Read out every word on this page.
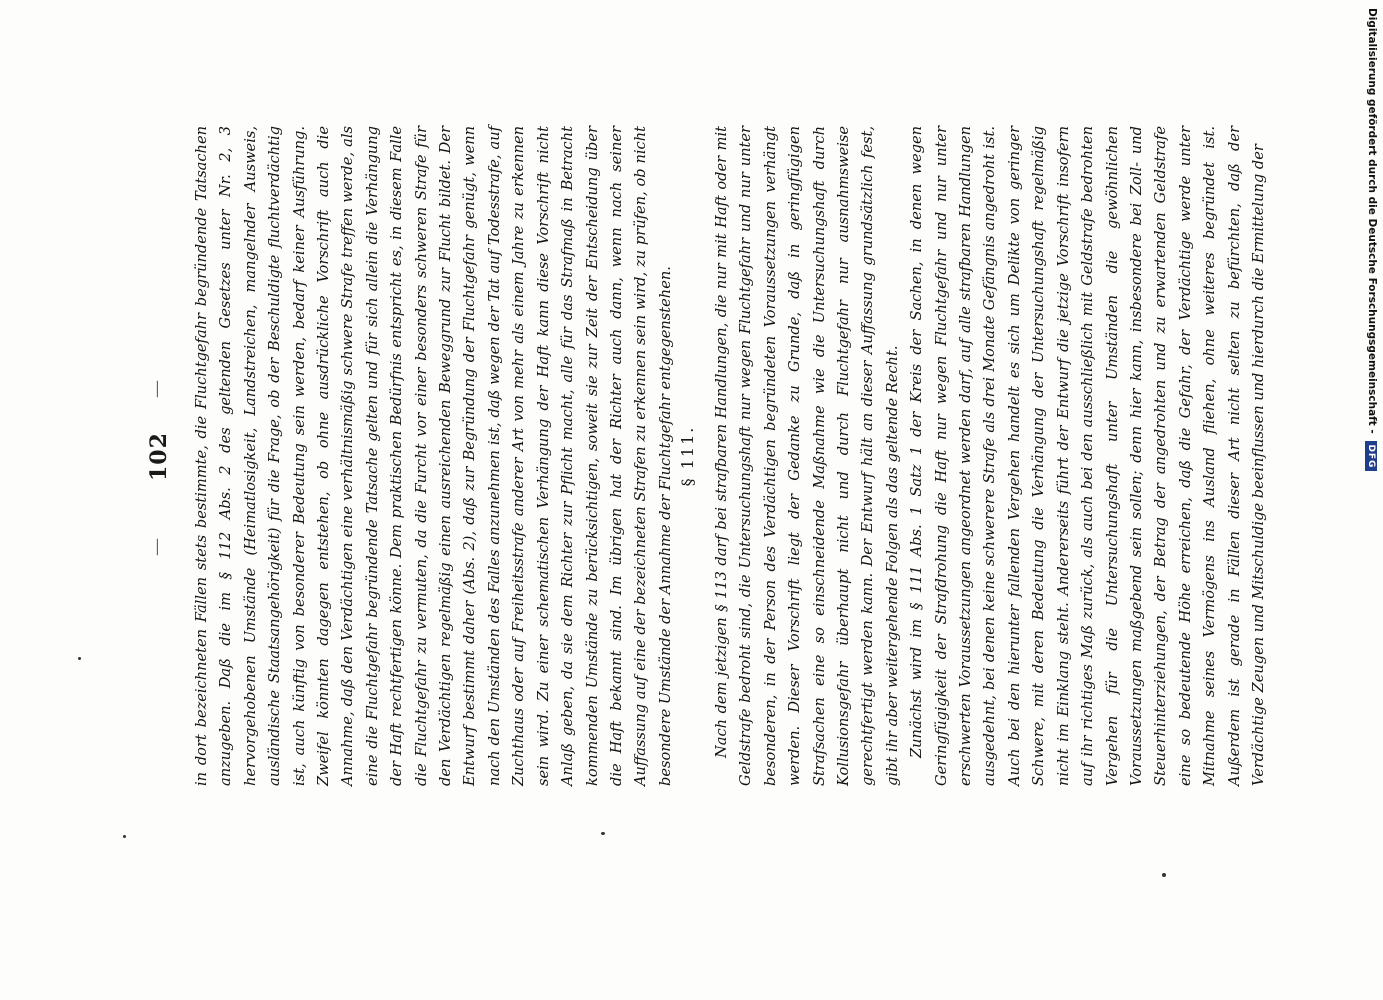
—
102
— in dort bezeichneten Fällen stets bestimmte, die Fluchtgefahr begründende Tatsachen anzugeben. Daß die im § 112 Abs. 2 des geltenden Gesetzes unter Nr. 2, 3 hervorgehobenen Umstände (Heimatlosigkeit, Landstreichen, mangelnder Ausweis, ausländische Staatsangehörigkeit) für die Frage, ob der Beschuldigte fluchtverdächtig ist, auch künftig von besonderer Bedeutung sein werden, bedarf keiner Ausführung. Zweifel könnten dagegen entstehen, ob ohne ausdrückliche Vorschrift auch die Annahme, daß den Verdächtigen eine verhältnismäßig schwere Strafe treffen werde, als eine die Fluchtgefahr begründende Tatsache gelten und für sich allein die Verhängung der Haft rechtfertigen könne. Dem praktischen Bedürfnis entspricht es, in diesem Falle die Fluchtgefahr zu vermuten, da die Furcht vor einer besonders schweren Strafe für den Verdächtigen regelmäßig einen ausreichenden Beweggrund zur Flucht bildet. Der Entwurf bestimmt daher (Abs. 2), daß zur Begründung der Fluchtgefahr genügt, wenn nach den Umständen des Falles anzunehmen ist, daß wegen der Tat auf Todesstrafe, auf Zuchthaus oder auf Freiheitsstrafe anderer Art von mehr als einem Jahre zu erkennen sein wird. Zu einer schematischen Verhängung der Haft kann diese Vorschrift nicht Anlaß geben, da sie dem Richter zur Pflicht macht, alle für das Strafmaß in Betracht kommenden Umstände zu berücksichtigen, soweit sie zur Zeit der Entscheidung über die Haft bekannt sind. Im übrigen hat der Richter auch dann, wenn nach seiner Auffassung auf eine der bezeichneten Strafen zu erkennen sein wird, zu prüfen, ob nicht besondere Umstände der Annahme der Fluchtgefahr entgegenstehen. § 111. Nach dem jetzigen § 113 darf bei strafbaren Handlungen, die nur mit Haft oder mit Geldstrafe bedroht sind, die Untersuchungshaft nur wegen Fluchtgefahr und nur unter besonderen, in der Person des Verdächtigen begründeten Voraussetzungen verhängt werden. Dieser Vorschrift liegt der Gedanke zu Grunde, daß in geringfügigen Strafsachen eine so einschneidende Maßnahme wie die Untersuchungshaft durch Kollusionsgefahr überhaupt nicht und durch Fluchtgefahr nur ausnahmsweise gerechtfertigt werden kann. Der Entwurf hält an dieser Auffassung grundsätzlich fest, gibt ihr aber weitergehende Folgen als das geltende Recht. Zunächst wird im § 111 Abs. 1 Satz 1 der Kreis der Sachen, in denen wegen Geringfügigkeit der Strafdrohung die Haft nur wegen Fluchtgefahr und nur unter erschwerten Voraussetzungen angeordnet werden darf, auf alle strafbaren Handlungen ausgedehnt, bei denen keine schwerere Strafe als drei Monate Gefängnis angedroht ist. Auch bei den hierunter fallenden Vergehen handelt es sich um Delikte von geringer Schwere, mit deren Bedeutung die Verhängung der Untersuchungshaft regelmäßig nicht im Einklang steht. Andererseits führt der Entwurf die jetzige Vorschrift insofern auf ihr richtiges Maß zurück, als auch bei den ausschließlich mit Geldstrafe bedrohten Vergehen für die Untersuchungshaft unter Umständen die gewöhnlichen Voraussetzungen maßgebend sein sollen; denn hier kann, insbesondere bei Zoll- und Steuerhinterziehungen, der Betrag der angedrohten und zu erwartenden Geldstrafe eine so bedeutende Höhe erreichen, daß die Gefahr, der Verdächtige werde unter Mitnahme seines Vermögens ins Ausland fliehen, ohne weiteres begründet ist. Außerdem ist gerade in Fällen dieser Art nicht selten zu befürchten, daß der Verdächtige Zeugen und Mitschuldige beeinflussen und hierdurch die Ermittelung der	Digitalisierung gefördert durch die Deutsche Forschungsgemeinschaft - DFG
